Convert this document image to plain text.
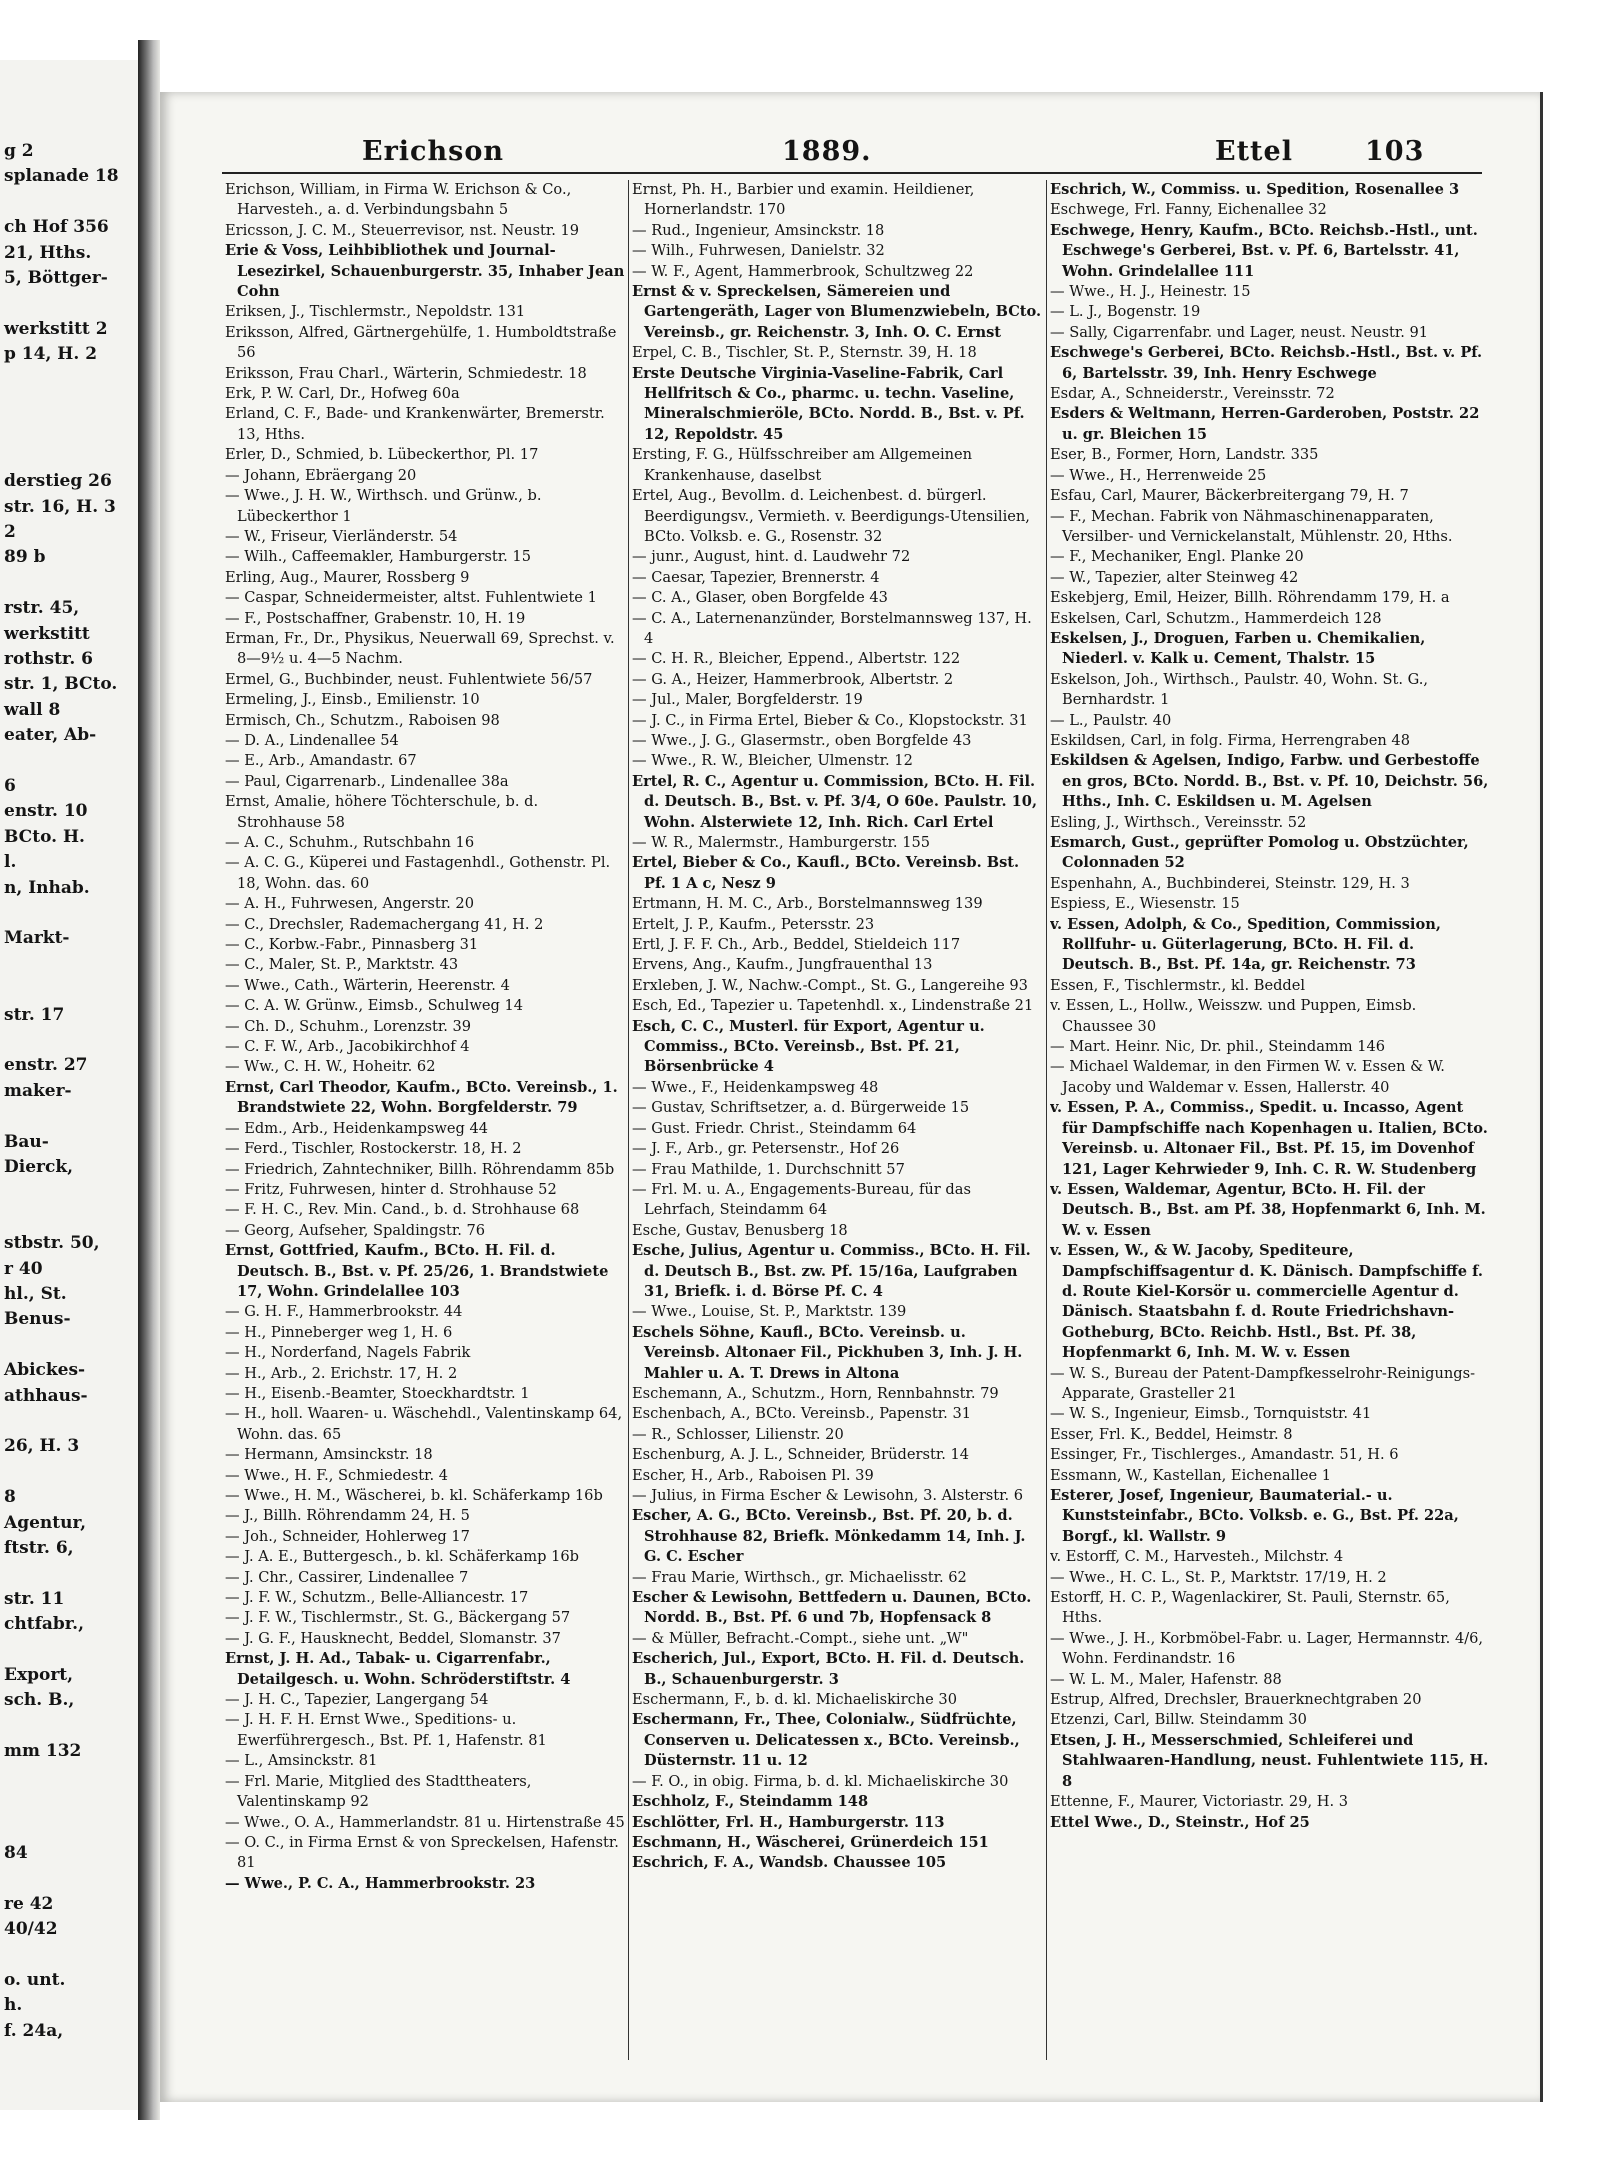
g 2
splanade 18
ch Hof 356
21, Hths.
5, Böttger-
werkstitt 2
p 14, H. 2
derstieg 26
str. 16, H. 3
2
89 b
rstr. 45,
werkstitt
rothstr. 6
str. 1, BCto.
wall 8
eater, Ab-
6
enstr. 10
BCto. H.
l.
n, Inhab.
Markt-
str. 17
enstr. 27
maker-
Bau-
Dierck,
stbstr. 50,
r 40
hl., St.
Benus-
Abickes-
athhaus-
26, H. 3
8
Agentur,
ftstr. 6,
str. 11
chtfabr.,
Export,
sch. B.,
mm 132
84
re 42
40/42
o. unt.
h.
f. 24a,
Erichson	1889.	Ettel	103

Erichson, William, in Firma W. Erichson & Co., Harvesteh., a. d. Verbindungsbahn 5

Ericsson, J. C. M., Steuerrevisor, nst. Neustr. 19

Erie & Voss, Leihbibliothek und Journal-Lesezirkel, Schauenburgerstr. 35, Inhaber Jean Cohn

Eriksen, J., Tischlermstr., Nepoldstr. 131

Eriksson, Alfred, Gärtnergehülfe, 1. Humboldtstraße 56

Eriksson, Frau Charl., Wärterin, Schmiedestr. 18

Erk, P. W. Carl, Dr., Hofweg 60a

Erland, C. F., Bade- und Krankenwärter, Bremerstr. 13, Hths.

Erler, D., Schmied, b. Lübeckerthor, Pl. 17

— Johann, Ebräergang 20

— Wwe., J. H. W., Wirthsch. und Grünw., b. Lübeckerthor 1

— W., Friseur, Vierländerstr. 54

— Wilh., Caffeemakler, Hamburgerstr. 15

Erling, Aug., Maurer, Rossberg 9

— Caspar, Schneidermeister, altst. Fuhlentwiete 1

— F., Postschaffner, Grabenstr. 10, H. 19

Erman, Fr., Dr., Physikus, Neuerwall 69, Sprechst. v. 8—9½ u. 4—5 Nachm.

Ermel, G., Buchbinder, neust. Fuhlentwiete 56/57

Ermeling, J., Einsb., Emilienstr. 10

Ermisch, Ch., Schutzm., Raboisen 98

— D. A., Lindenallee 54

— E., Arb., Amandastr. 67

— Paul, Cigarrenarb., Lindenallee 38a

Ernst, Amalie, höhere Töchterschule, b. d. Strohhause 58

— A. C., Schuhm., Rutschbahn 16

— A. C. G., Küperei und Fastagenhdl., Gothenstr. Pl. 18, Wohn. das. 60

— A. H., Fuhrwesen, Angerstr. 20

— C., Drechsler, Rademachergang 41, H. 2

— C., Korbw.-Fabr., Pinnasberg 31

— C., Maler, St. P., Marktstr. 43

— Wwe., Cath., Wärterin, Heerenstr. 4

— C. A. W. Grünw., Eimsb., Schulweg 14

— Ch. D., Schuhm., Lorenzstr. 39

— C. F. W., Arb., Jacobikirchhof 4

— Ww., C. H. W., Hoheitr. 62

Ernst, Carl Theodor, Kaufm., BCto. Vereinsb., 1. Brandstwiete 22, Wohn. Borgfelderstr. 79

— Edm., Arb., Heidenkampsweg 44

— Ferd., Tischler, Rostockerstr. 18, H. 2

— Friedrich, Zahntechniker, Billh. Röhrendamm 85b

— Fritz, Fuhrwesen, hinter d. Strohhause 52

— F. H. C., Rev. Min. Cand., b. d. Strohhause 68

— Georg, Aufseher, Spaldingstr. 76

Ernst, Gottfried, Kaufm., BCto. H. Fil. d. Deutsch. B., Bst. v. Pf. 25/26, 1. Brandstwiete 17, Wohn. Grindelallee 103

— G. H. F., Hammerbrookstr. 44

— H., Pinneberger weg 1, H. 6

— H., Norderfand, Nagels Fabrik

— H., Arb., 2. Erichstr. 17, H. 2

— H., Eisenb.-Beamter, Stoeckhardtstr. 1

— H., holl. Waaren- u. Wäschehdl., Valentinskamp 64, Wohn. das. 65

— Hermann, Amsinckstr. 18

— Wwe., H. F., Schmiedestr. 4

— Wwe., H. M., Wäscherei, b. kl. Schäferkamp 16b

— J., Billh. Röhrendamm 24, H. 5

— Joh., Schneider, Hohlerweg 17

— J. A. E., Buttergesch., b. kl. Schäferkamp 16b

— J. Chr., Cassirer, Lindenallee 7

— J. F. W., Schutzm., Belle-Alliancestr. 17

— J. F. W., Tischlermstr., St. G., Bäckergang 57

— J. G. F., Hausknecht, Beddel, Slomanstr. 37

Ernst, J. H. Ad., Tabak- u. Cigarrenfabr., Detailgesch. u. Wohn. Schröderstiftstr. 4

— J. H. C., Tapezier, Langergang 54

— J. H. F. H. Ernst Wwe., Speditions- u. Ewerführergesch., Bst. Pf. 1, Hafenstr. 81

— L., Amsinckstr. 81

— Frl. Marie, Mitglied des Stadttheaters, Valentinskamp 92

— Wwe., O. A., Hammerlandstr. 81 u. Hirtenstraße 45

— O. C., in Firma Ernst & von Spreckelsen, Hafenstr. 81

— Wwe., P. C. A., Hammerbrookstr. 23

Ernst, Ph. H., Barbier und examin. Heildiener, Hornerlandstr. 170

— Rud., Ingenieur, Amsinckstr. 18

— Wilh., Fuhrwesen, Danielstr. 32

— W. F., Agent, Hammerbrook, Schultzweg 22

Ernst & v. Spreckelsen, Sämereien und Gartengeräth, Lager von Blumenzwiebeln, BCto. Vereinsb., gr. Reichenstr. 3, Inh. O. C. Ernst

Erpel, C. B., Tischler, St. P., Sternstr. 39, H. 18

Erste Deutsche Virginia-Vaseline-Fabrik, Carl Hellfritsch & Co., pharmc. u. techn. Vaseline, Mineralschmieröle, BCto. Nordd. B., Bst. v. Pf. 12, Repoldstr. 45

Ersting, F. G., Hülfsschreiber am Allgemeinen Krankenhause, daselbst

Ertel, Aug., Bevollm. d. Leichenbest. d. bürgerl. Beerdigungsv., Vermieth. v. Beerdigungs-Utensilien, BCto. Volksb. e. G., Rosenstr. 32

— junr., August, hint. d. Laudwehr 72

— Caesar, Tapezier, Brennerstr. 4

— C. A., Glaser, oben Borgfelde 43

— C. A., Laternenanzünder, Borstelmannsweg 137, H. 4

— C. H. R., Bleicher, Eppend., Albertstr. 122

— G. A., Heizer, Hammerbrook, Albertstr. 2

— Jul., Maler, Borgfelderstr. 19

— J. C., in Firma Ertel, Bieber & Co., Klopstockstr. 31

— Wwe., J. G., Glasermstr., oben Borgfelde 43

— Wwe., R. W., Bleicher, Ulmenstr. 12

Ertel, R. C., Agentur u. Commission, BCto. H. Fil. d. Deutsch. B., Bst. v. Pf. 3/4, O 60e. Paulstr. 10, Wohn. Alsterwiete 12, Inh. Rich. Carl Ertel

— W. R., Malermstr., Hamburgerstr. 155

Ertel, Bieber & Co., Kaufl., BCto. Vereinsb. Bst. Pf. 1 A c, Nesz 9

Ertmann, H. M. C., Arb., Borstelmannsweg 139

Ertelt, J. P., Kaufm., Petersstr. 23

Ertl, J. F. F. Ch., Arb., Beddel, Stieldeich 117

Ervens, Ang., Kaufm., Jungfrauenthal 13

Erxleben, J. W., Nachw.-Compt., St. G., Langereihe 93

Esch, Ed., Tapezier u. Tapetenhdl. x., Lindenstraße 21

Esch, C. C., Musterl. für Export, Agentur u. Commiss., BCto. Vereinsb., Bst. Pf. 21, Börsenbrücke 4

— Wwe., F., Heidenkampsweg 48

— Gustav, Schriftsetzer, a. d. Bürgerweide 15

— Gust. Friedr. Christ., Steindamm 64

— J. F., Arb., gr. Petersenstr., Hof 26

— Frau Mathilde, 1. Durchschnitt 57

— Frl. M. u. A., Engagements-Bureau, für das Lehrfach, Steindamm 64

Esche, Gustav, Benusberg 18

Esche, Julius, Agentur u. Commiss., BCto. H. Fil. d. Deutsch B., Bst. zw. Pf. 15/16a, Laufgraben 31, Briefk. i. d. Börse Pf. C. 4

— Wwe., Louise, St. P., Marktstr. 139

Eschels Söhne, Kaufl., BCto. Vereinsb. u. Vereinsb. Altonaer Fil., Pickhuben 3, Inh. J. H. Mahler u. A. T. Drews in Altona

Eschemann, A., Schutzm., Horn, Rennbahnstr. 79

Eschenbach, A., BCto. Vereinsb., Papenstr. 31

— R., Schlosser, Lilienstr. 20

Eschenburg, A. J. L., Schneider, Brüderstr. 14

Escher, H., Arb., Raboisen Pl. 39

— Julius, in Firma Escher & Lewisohn, 3. Alsterstr. 6

Escher, A. G., BCto. Vereinsb., Bst. Pf. 20, b. d. Strohhause 82, Briefk. Mönkedamm 14, Inh. J. G. C. Escher

— Frau Marie, Wirthsch., gr. Michaelisstr. 62

Escher & Lewisohn, Bettfedern u. Daunen, BCto. Nordd. B., Bst. Pf. 6 und 7b, Hopfensack 8

— & Müller, Befracht.-Compt., siehe unt. „W"

Escherich, Jul., Export, BCto. H. Fil. d. Deutsch. B., Schauenburgerstr. 3

Eschermann, F., b. d. kl. Michaeliskirche 30

Eschermann, Fr., Thee, Colonialw., Südfrüchte, Conserven u. Delicatessen x., BCto. Vereinsb., Düsternstr. 11 u. 12

— F. O., in obig. Firma, b. d. kl. Michaeliskirche 30

Eschholz, F., Steindamm 148

Eschlötter, Frl. H., Hamburgerstr. 113

Eschmann, H., Wäscherei, Grünerdeich 151

Eschrich, F. A., Wandsb. Chaussee 105

Eschrich, W., Commiss. u. Spedition, Rosenallee 3

Eschwege, Frl. Fanny, Eichenallee 32

Eschwege, Henry, Kaufm., BCto. Reichsb.-Hstl., unt. Eschwege's Gerberei, Bst. v. Pf. 6, Bartelsstr. 41, Wohn. Grindelallee 111

— Wwe., H. J., Heinestr. 15

— L. J., Bogenstr. 19

— Sally, Cigarrenfabr. und Lager, neust. Neustr. 91

Eschwege's Gerberei, BCto. Reichsb.-Hstl., Bst. v. Pf. 6, Bartelsstr. 39, Inh. Henry Eschwege

Esdar, A., Schneiderstr., Vereinsstr. 72

Esders & Weltmann, Herren-Garderoben, Poststr. 22 u. gr. Bleichen 15

Eser, B., Former, Horn, Landstr. 335

— Wwe., H., Herrenweide 25

Esfau, Carl, Maurer, Bäckerbreitergang 79, H. 7

— F., Mechan. Fabrik von Nähmaschinenapparaten, Versilber- und Vernickelanstalt, Mühlenstr. 20, Hths.

— F., Mechaniker, Engl. Planke 20

— W., Tapezier, alter Steinweg 42

Eskebjerg, Emil, Heizer, Billh. Röhrendamm 179, H. a

Eskelsen, Carl, Schutzm., Hammerdeich 128

Eskelsen, J., Droguen, Farben u. Chemikalien, Niederl. v. Kalk u. Cement, Thalstr. 15

Eskelson, Joh., Wirthsch., Paulstr. 40, Wohn. St. G., Bernhardstr. 1

— L., Paulstr. 40

Eskildsen, Carl, in folg. Firma, Herrengraben 48

Eskildsen & Agelsen, Indigo, Farbw. und Gerbestoffe en gros, BCto. Nordd. B., Bst. v. Pf. 10, Deichstr. 56, Hths., Inh. C. Eskildsen u. M. Agelsen

Esling, J., Wirthsch., Vereinsstr. 52

Esmarch, Gust., geprüfter Pomolog u. Obstzüchter, Colonnaden 52

Espenhahn, A., Buchbinderei, Steinstr. 129, H. 3

Espiess, E., Wiesenstr. 15

v. Essen, Adolph, & Co., Spedition, Commission, Rollfuhr- u. Güterlagerung, BCto. H. Fil. d. Deutsch. B., Bst. Pf. 14a, gr. Reichenstr. 73

Essen, F., Tischlermstr., kl. Beddel

v. Essen, L., Hollw., Weisszw. und Puppen, Eimsb. Chaussee 30

— Mart. Heinr. Nic, Dr. phil., Steindamm 146

— Michael Waldemar, in den Firmen W. v. Essen & W. Jacoby und Waldemar v. Essen, Hallerstr. 40

v. Essen, P. A., Commiss., Spedit. u. Incasso, Agent für Dampfschiffe nach Kopenhagen u. Italien, BCto. Vereinsb. u. Altonaer Fil., Bst. Pf. 15, im Dovenhof 121, Lager Kehrwieder 9, Inh. C. R. W. Studenberg

v. Essen, Waldemar, Agentur, BCto. H. Fil. der Deutsch. B., Bst. am Pf. 38, Hopfenmarkt 6, Inh. M. W. v. Essen

v. Essen, W., & W. Jacoby, Spediteure, Dampfschiffsagentur d. K. Dänisch. Dampfschiffe f. d. Route Kiel-Korsör u. commercielle Agentur d. Dänisch. Staatsbahn f. d. Route Friedrichshavn-Gotheburg, BCto. Reichb. Hstl., Bst. Pf. 38, Hopfenmarkt 6, Inh. M. W. v. Essen

— W. S., Bureau der Patent-Dampfkesselrohr-Reinigungs-Apparate, Grasteller 21

— W. S., Ingenieur, Eimsb., Tornquiststr. 41

Esser, Frl. K., Beddel, Heimstr. 8

Essinger, Fr., Tischlerges., Amandastr. 51, H. 6

Essmann, W., Kastellan, Eichenallee 1

Esterer, Josef, Ingenieur, Baumaterial.- u. Kunststeinfabr., BCto. Volksb. e. G., Bst. Pf. 22a, Borgf., kl. Wallstr. 9

v. Estorff, C. M., Harvesteh., Milchstr. 4

— Wwe., H. C. L., St. P., Marktstr. 17/19, H. 2

Estorff, H. C. P., Wagenlackirer, St. Pauli, Sternstr. 65, Hths.

— Wwe., J. H., Korbmöbel-Fabr. u. Lager, Hermannstr. 4/6, Wohn. Ferdinandstr. 16

— W. L. M., Maler, Hafenstr. 88

Estrup, Alfred, Drechsler, Brauerknechtgraben 20

Etzenzi, Carl, Billw. Steindamm 30

Etsen, J. H., Messerschmied, Schleiferei und Stahlwaaren-Handlung, neust. Fuhlentwiete 115, H. 8

Ettenne, F., Maurer, Victoriastr. 29, H. 3

Ettel Wwe., D., Steinstr., Hof 25
